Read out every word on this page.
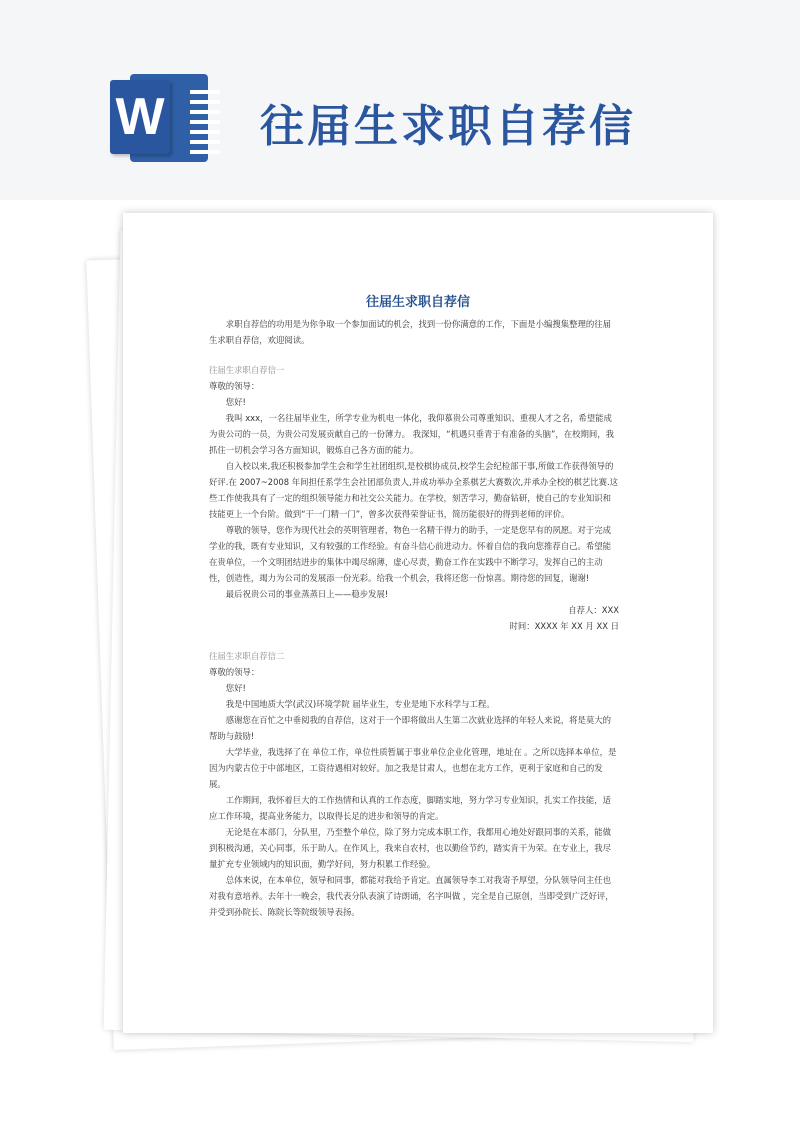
W 往届生求职自荐信
往届生求职自荐信

求职自荐信的功用是为你争取一个参加面试的机会，找到一份你满意的工作，下面是小编搜集整理的往届生求职自荐信，欢迎阅读。

往届生求职自荐信一

尊敬的领导：

您好!

我叫 xxx，一名往届毕业生，所学专业为机电一体化，我仰慕贵公司尊重知识、重视人才之名，希望能成为贵公司的一员，为贵公司发展贡献自己的一份薄力。 我深知，“机遇只垂青于有准备的头脑”，在校期间，我抓住一切机会学习各方面知识，锻炼自己各方面的能力。

自入校以来,我还积极参加学生会和学生社团组织,是校棋协成员,校学生会纪检部干事,所做工作获得领导的好评.在 2007~2008 年间担任系学生会社团部负责人,并成功举办全系棋艺大赛数次,并承办全校的棋艺比赛.这些工作使我具有了一定的组织领导能力和社交公关能力。在学校，刻苦学习，勤奋钻研，使自己的专业知识和技能更上一个台阶。做到“干一门精一门”，曾多次获得荣誉证书，简历能很好的得到老师的评价。

尊敬的领导，您作为现代社会的英明管理者，物色一名精干得力的助手，一定是您早有的夙愿。对于完成学业的我，既有专业知识，又有较强的工作经验。有奋斗信心前进动力。怀着自信的我向您推荐自己。希望能在贵单位，一个文明团结进步的集体中竭尽绵薄，虚心尽责，勤奋工作在实践中不断学习，发挥自己的主动性，创造性，竭力为公司的发展添一份光彩。给我一个机会，我将还您一份惊喜。期待您的回复，谢谢!

最后祝贵公司的事业蒸蒸日上——稳步发展!

自荐人：XXX

时间：XXXX 年 XX 月 XX 日

往届生求职自荐信二

尊敬的领导：

您好!

我是中国地质大学(武汉)环境学院 届毕业生，专业是地下水科学与工程。

感谢您在百忙之中垂阅我的自荐信，这对于一个即将做出人生第二次就业选择的年轻人来说，将是莫大的帮助与鼓励!

大学毕业，我选择了在 单位工作，单位性质暂属于事业单位企业化管理，地址在 。之所以选择本单位，是因为内蒙古位于中部地区，工资待遇相对较好。加之我是甘肃人，也想在北方工作，更利于家庭和自己的发展。

工作期间，我怀着巨大的工作热情和认真的工作态度，脚踏实地，努力学习专业知识，扎实工作技能，适应工作环境，提高业务能力，以取得长足的进步和领导的肯定。

无论是在本部门，分队里，乃至整个单位，除了努力完成本职工作，我都用心地处好跟同事的关系，能做到积极沟通，关心同事，乐于助人。在作风上，我来自农村，也以勤俭节约，踏实肯干为荣。在专业上，我尽量扩充专业领域内的知识面，勤学好问，努力积累工作经验。

总体来说，在本单位，领导和同事，都能对我给予肯定。直属领导李工对我寄予厚望，分队领导问主任也对我有意培养。去年十一晚会，我代表分队表演了诗朗诵，名字叫做 ，完全是自己原创，当即受到广泛好评，并受到孙院长、陈院长等院级领导表扬。
